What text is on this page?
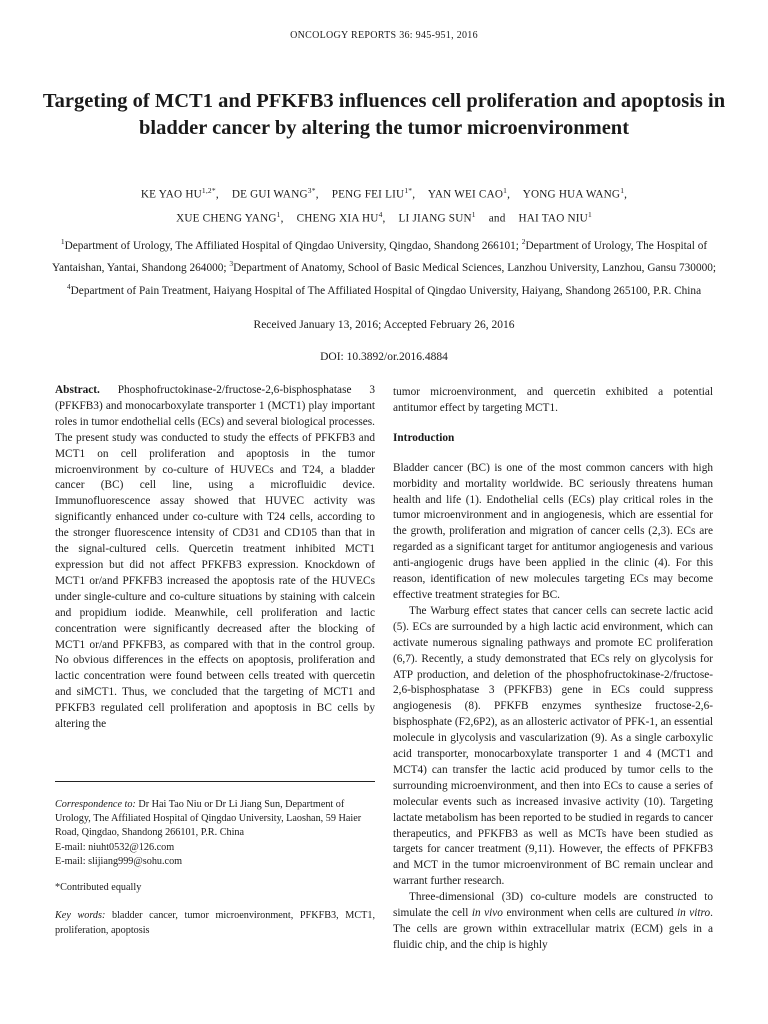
ONCOLOGY REPORTS 36: 945-951, 2016
Targeting of MCT1 and PFKFB3 influences cell proliferation and apoptosis in bladder cancer by altering the tumor microenvironment
KE YAO $HU^{1,2*}$, DE GUI $WANG^{3*}$, PENG FEI $LIU^{1*}$, YAN WEI CAO$^1$, YONG HUA WANG$^1$,
XUE CHENG YANG$^1$, CHENG XIA $HU^4$, LI JIANG SUN$^1$ and HAI TAO NIU$^1$
$^1$Department of Urology, The Affiliated Hospital of Qingdao University, Qingdao, Shandong 266101; $^2$Department of Urology, The Hospital of Yantaishan, Yantai, Shandong 264000; $^3$Department of Anatomy, School of Basic Medical Sciences, Lanzhou University, Lanzhou, Gansu 730000; $^4$Department of Pain Treatment, Haiyang Hospital of The Affiliated Hospital of Qingdao University, Haiyang, Shandong 265100, P.R. China
Received January 13, 2016; Accepted February 26, 2016
DOI: 10.3892/or.2016.4884

Abstract. Phosphofructokinase-2/fructose-2,6-bisphosphatase 3 (PFKFB3) and monocarboxylate transporter 1 (MCT1) play important roles in tumor endothelial cells (ECs) and several biological processes. The present study was conducted to study the effects of PFKFB3 and MCT1 on cell proliferation and apoptosis in the tumor microenvironment by co-culture of HUVECs and T24, a bladder cancer (BC) cell line, using a microfluidic device. Immunofluorescence assay showed that HUVEC activity was significantly enhanced under co-culture with T24 cells, according to the stronger fluorescence intensity of CD31 and CD105 than that in the signal-cultured cells. Quercetin treatment inhibited MCT1 expression but did not affect PFKFB3 expression. Knockdown of MCT1 or/and PFKFB3 increased the apoptosis rate of the HUVECs under single-culture and co-culture situations by staining with calcein and propidium iodide. Meanwhile, cell proliferation and lactic concentration were significantly decreased after the blocking of MCT1 or/and PFKFB3, as compared with that in the control group. No obvious differences in the effects on apoptosis, proliferation and lactic concentration were found between cells treated with quercetin and siMCT1. Thus, we concluded that the targeting of MCT1 and PFKFB3 regulated cell proliferation and apoptosis in BC cells by altering the

Correspondence to: Dr Hai Tao Niu or Dr Li Jiang Sun, Department of Urology, The Affiliated Hospital of Qingdao University, Laoshan, 59 Haier Road, Qingdao, Shandong 266101, P.R. China
E-mail: niuht0532@126.com
E-mail: slijiang999@sohu.com
*Contributed equally
Key words: bladder cancer, tumor microenvironment, PFKFB3, MCT1, proliferation, apoptosis

tumor microenvironment, and quercetin exhibited a potential antitumor effect by targeting MCT1.

Introduction

Bladder cancer (BC) is one of the most common cancers with high morbidity and mortality worldwide. BC seriously threatens human health and life (1). Endothelial cells (ECs) play critical roles in the tumor microenvironment and in angiogenesis, which are essential for the growth, proliferation and migration of cancer cells (2,3). ECs are regarded as a significant target for antitumor angiogenesis and various anti-angiogenic drugs have been applied in the clinic (4). For this reason, identification of new molecules targeting ECs may become effective treatment strategies for BC.

The Warburg effect states that cancer cells can secrete lactic acid (5). ECs are surrounded by a high lactic acid environment, which can activate numerous signaling pathways and promote EC proliferation (6,7). Recently, a study demonstrated that ECs rely on glycolysis for ATP production, and deletion of the phosphofructokinase-2/fructose-2,6-bisphosphatase 3 (PFKFB3) gene in ECs could suppress angiogenesis (8). PFKFB enzymes synthesize fructose-2,6-bisphosphate (F2,6P2), as an allosteric activator of PFK-1, an essential molecule in glycolysis and vascularization (9). As a single carboxylic acid transporter, monocarboxylate transporter 1 and 4 (MCT1 and MCT4) can transfer the lactic acid produced by tumor cells to the surrounding microenvironment, and then into ECs to cause a series of molecular events such as increased invasive activity (10). Targeting lactate metabolism has been reported to be studied in regards to cancer therapeutics, and PFKFB3 as well as MCTs have been studied as targets for cancer treatment (9,11). However, the effects of PFKFB3 and MCT in the tumor microenvironment of BC remain unclear and warrant further research.

Three-dimensional (3D) co-culture models are constructed to simulate the cell in vivo environment when cells are cultured in vitro. The cells are grown within extracellular matrix (ECM) gels in a fluidic chip, and the chip is highly
